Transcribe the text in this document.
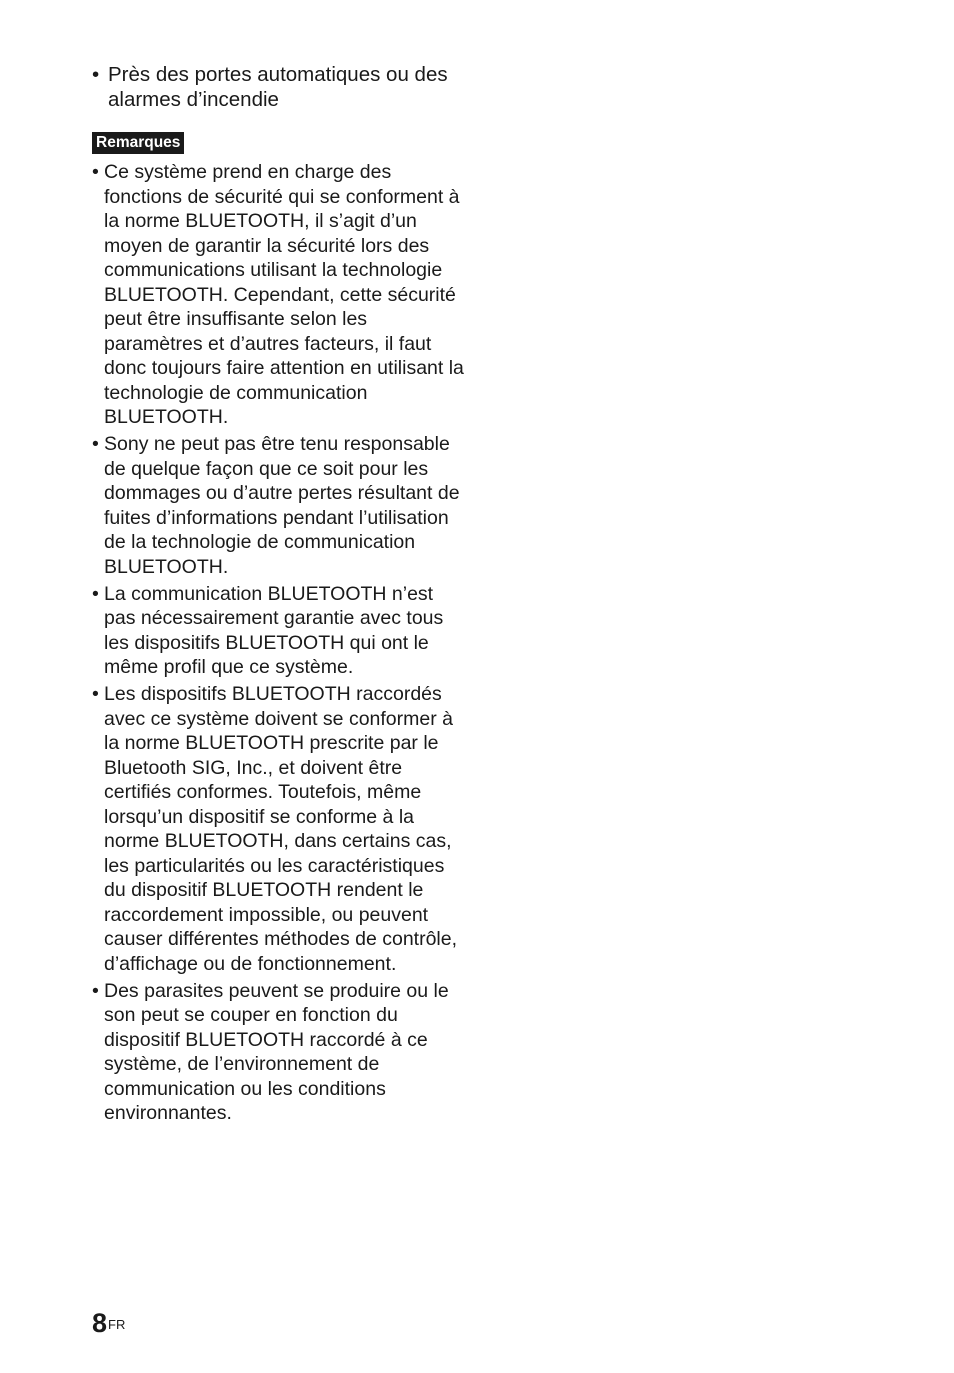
• Près des portes automatiques ou des alarmes d’incendie

Remarques
• Ce système prend en charge des fonctions de sécurité qui se conforment à la norme BLUETOOTH, il s’agit d’un moyen de garantir la sécurité lors des communications utilisant la technologie BLUETOOTH. Cependant, cette sécurité peut être insuffisante selon les paramètres et d’autres facteurs, il faut donc toujours faire attention en utilisant la technologie de communication BLUETOOTH.
• Sony ne peut pas être tenu responsable de quelque façon que ce soit pour les dommages ou d’autre pertes résultant de fuites d’informations pendant l’utilisation de la technologie de communication BLUETOOTH.
• La communication BLUETOOTH n’est pas nécessairement garantie avec tous les dispositifs BLUETOOTH qui ont le même profil que ce système.
• Les dispositifs BLUETOOTH raccordés avec ce système doivent se conformer à la norme BLUETOOTH prescrite par le Bluetooth SIG, Inc., et doivent être certifiés conformes. Toutefois, même lorsqu’un dispositif se conforme à la norme BLUETOOTH, dans certains cas, les particularités ou les caractéristiques du dispositif BLUETOOTH rendent le raccordement impossible, ou peuvent causer différentes méthodes de contrôle, d’affichage ou de fonctionnement.
• Des parasites peuvent se produire ou le son peut se couper en fonction du dispositif BLUETOOTH raccordé à ce système, de l’environnement de communication ou les conditions environnantes.
$8^{FR}$
